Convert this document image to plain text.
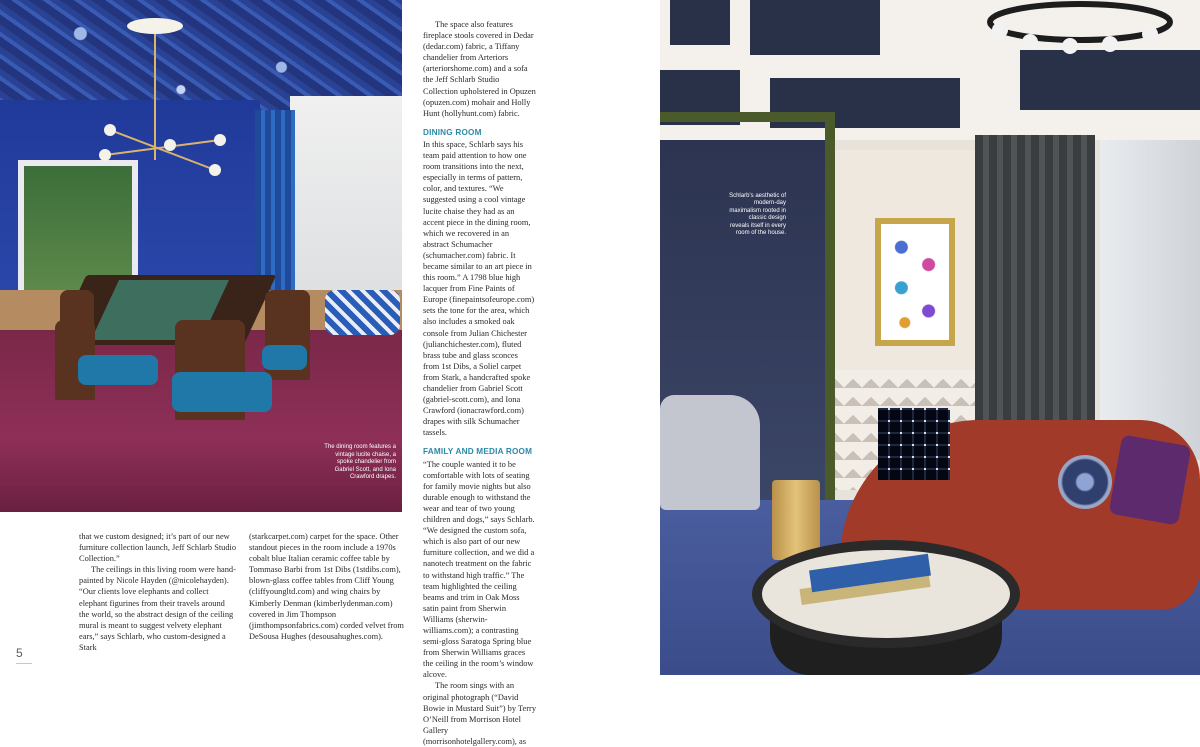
The dining room features a vintage lucite chaise, a spoke chandelier from Gabriel Scott, and Iona Crawford drapes.
Schlarb’s aesthetic of modern-day maximalism rooted in classic design reveals itself in every room of the house.

The space also features fireplace stools covered in Dedar (dedar.com) fabric, a Tiffany chandelier from Arteriors (arteriorshome.com) and a sofa the Jeff Schlarb Studio Collection upholstered in Opuzen (opuzen.com) mohair and Holly Hunt (hollyhunt.com) fabric.

DINING ROOM

In this space, Schlarb says his team paid attention to how one room transitions into the next, especially in terms of pattern, color, and textures. “We suggested using a cool vintage lucite chaise they had as an accent piece in the dining room, which we recovered in an abstract Schumacher (schumacher.com) fabric. It became similar to an art piece in this room.” A 1798 blue high lacquer from Fine Paints of Europe (finepaintsofeurope.com) sets the tone for the area, which also includes a smoked oak console from Julian Chichester (julianchichester.com), fluted brass tube and glass sconces from 1st Dibs, a Soliel carpet from Stark, a handcrafted spoke chandelier from Gabriel Scott (gabriel-scott.com), and Iona Crawford (ionacrawford.com) drapes with silk Schumacher tassels.

FAMILY AND MEDIA ROOM

“The couple wanted it to be comfortable with lots of seating for family movie nights but also durable enough to withstand the wear and tear of two young children and dogs,” says Schlarb. “We designed the custom sofa, which is also part of our new furniture collection, and we did a nanotech treatment on the fabric to withstand high traffic.” The team highlighted the ceiling beams and trim in Oak Moss satin paint from Sherwin Williams (sherwin-williams.com); a contrasting semi-gloss Saratoga Spring blue from Sherwin Williams graces the ceiling in the room’s window alcove.

The room sings with an original photograph (“David Bowie in Mustard Suit”) by Terry O’Neill from Morrison Hotel Gallery (morrisonhotelgallery.com), as

that we custom designed; it’s part of our new furniture collection launch, Jeff Schlarb Studio Collection.”

The ceilings in this living room were hand-painted by Nicole Hayden (@nicolehayden). “Our clients love elephants and collect elephant figurines from their travels around the world, so the abstract design of the ceiling mural is meant to suggest velvety elephant ears,” says Schlarb, who custom-designed a Stark

(starkcarpet.com) carpet for the space. Other standout pieces in the room include a 1970s cobalt blue Italian ceramic coffee table by Tommaso Barbi from 1st Dibs (1stdibs.com), blown-glass coffee tables from Cliff Young (cliffyoungltd.com) and wing chairs by Kimberly Denman (kimberlydenman.com) covered in Jim Thompson (jimthompsonfabrics.com) corded velvet from DeSousa Hughes (desousahughes.com).

5
